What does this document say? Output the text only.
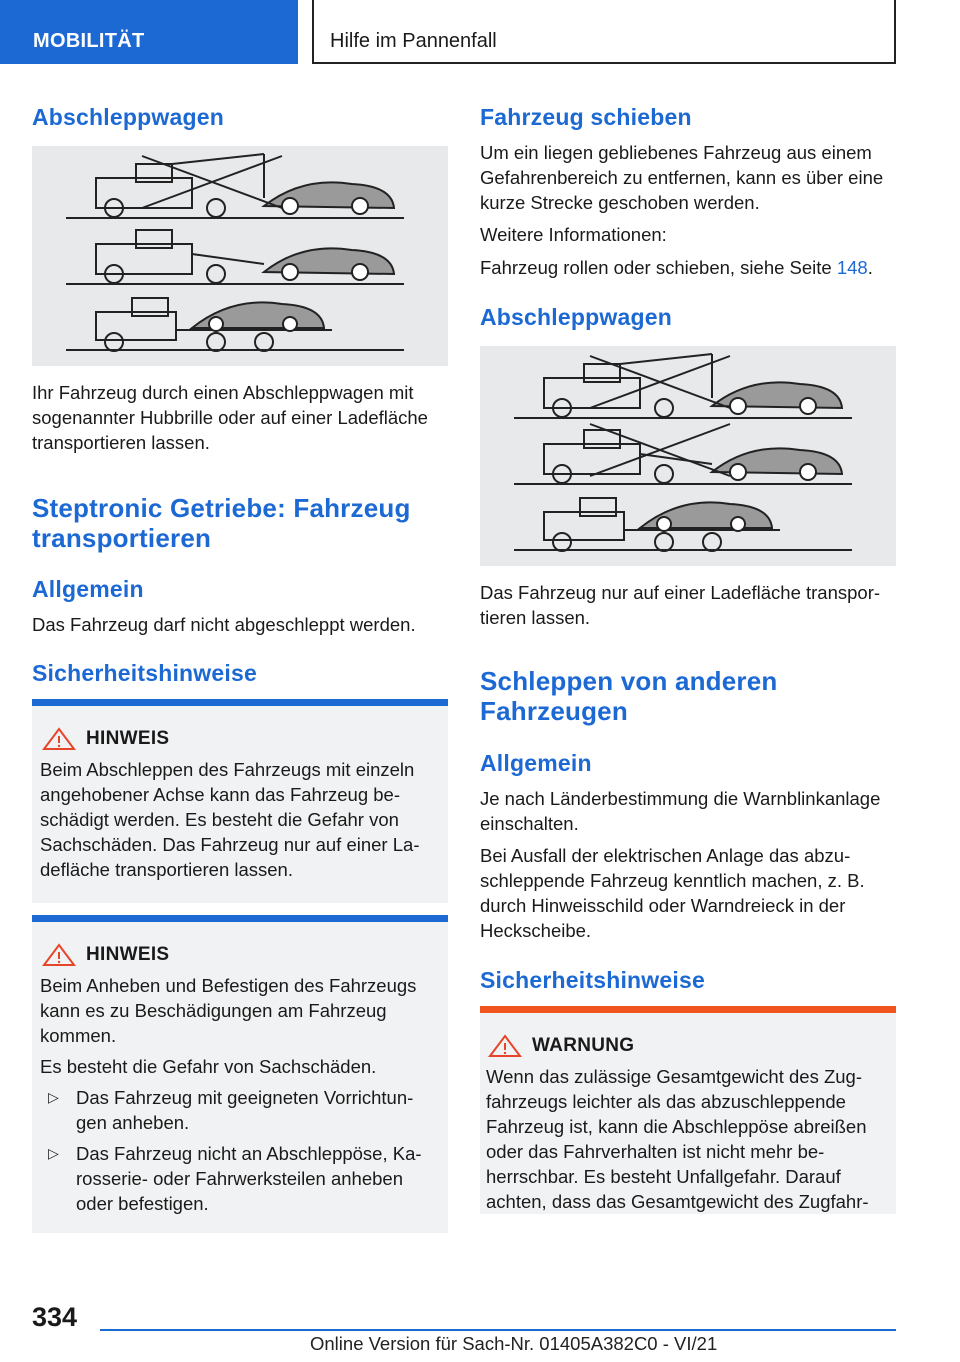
MOBILITÄT	Hilfe im Pannenfall
Abschleppwagen
Ihr Fahrzeug durch einen Abschleppwagen mit sogenannter Hubbrille oder auf einer Ladefläche transportieren lassen.
Steptronic Getriebe: Fahrzeug transportieren
Allgemein
Das Fahrzeug darf nicht abgeschleppt werden.
Sicherheitshinweise
HINWEIS

Beim Abschleppen des Fahrzeugs mit einzeln angehobener Achse kann das Fahrzeug beschädigt werden. Es besteht die Gefahr von Sachschäden. Das Fahrzeug nur auf einer Ladefläche transportieren lassen.

HINWEIS

Beim Anheben und Befestigen des Fahrzeugs kann es zu Beschädigungen am Fahrzeug kommen.

Es besteht die Gefahr von Sachschäden.

▷ Das Fahrzeug mit geeigneten Vorrichtungen anheben.
▷ Das Fahrzeug nicht an Abschleppöse, Karosserie- oder Fahrwerksteilen anheben oder befestigen.
Fahrzeug schieben
Um ein liegen gebliebenes Fahrzeug aus einem Gefahrenbereich zu entfernen, kann es über eine kurze Strecke geschoben werden.
Weitere Informationen:
Fahrzeug rollen oder schieben, siehe Seite 148.
Abschleppwagen
Das Fahrzeug nur auf einer Ladefläche transportieren lassen.
Schleppen von anderen Fahrzeugen
Allgemein
Je nach Länderbestimmung die Warnblinkanlage einschalten.
Bei Ausfall der elektrischen Anlage das abzuschleppende Fahrzeug kenntlich machen, z. B. durch Hinweisschild oder Warndreieck in der Heckscheibe.
Sicherheitshinweise
WARNUNG

Wenn das zulässige Gesamtgewicht des Zugfahrzeugs leichter als das abzuschleppende Fahrzeug ist, kann die Abschleppöse abreißen oder das Fahrverhalten ist nicht mehr beherrschbar. Es besteht Unfallgefahr. Darauf achten, dass das Gesamtgewicht des Zugfahr-

334
Online Version für Sach-Nr. 01405A382C0 - VI/21
